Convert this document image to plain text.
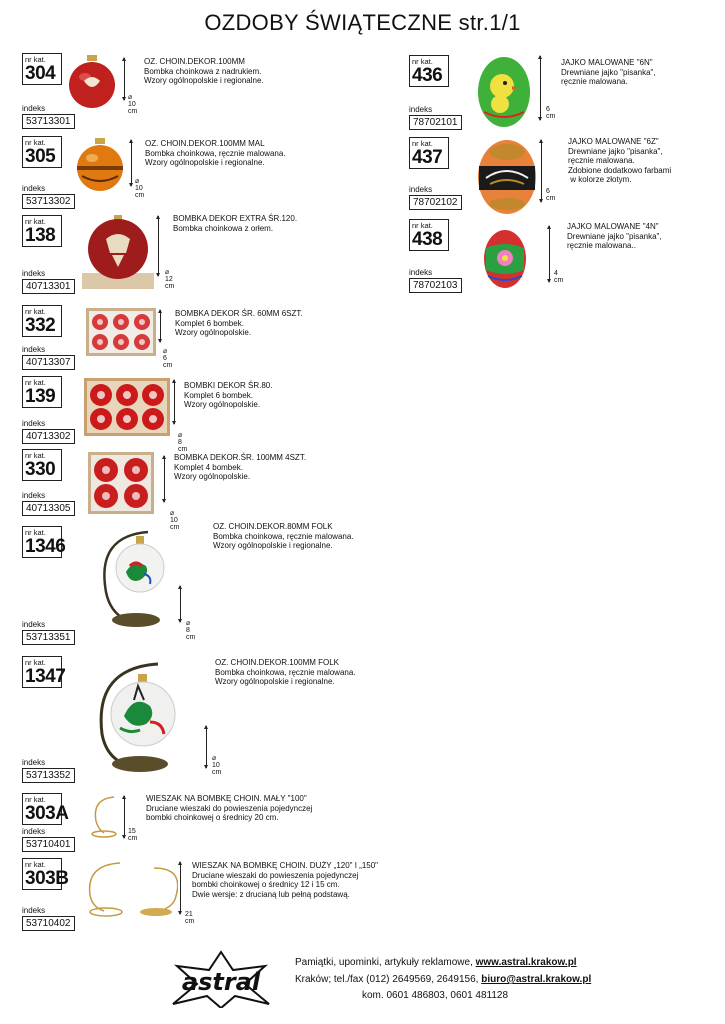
OZDOBY ŚWIĄTECZNE str.1/1
nr kat.
304
⌀ 10 cm
OZ. CHOIN.DEKOR.100MM
Bombka choinkowa z nadrukiem.
Wzory ogólnopolskie i regionalne.
indeks
53713301
nr kat.
305
⌀ 10 cm
OZ. CHOIN.DEKOR.100MM MAL
Bombka choinkowa, ręcznie malowana.
Wzory ogólnopolskie i regionalne.
indeks
53713302
nr kat.
138
⌀ 12 cm
BOMBKA DEKOR EXTRA ŚR.120.
Bombka choinkowa z orłem.
indeks
40713301
nr kat.
332
⌀ 6 cm
BOMBKA DEKOR ŚR. 60MM 6SZT.
Komplet 6 bombek.
Wzory ogólnopolskie.
indeks
40713307
nr kat.
139
⌀ 8 cm
BOMBKI DEKOR ŚR.80.
Komplet 6 bombek.
Wzory ogólnopolskie.
indeks
40713302
nr kat.
330
⌀ 10 cm
BOMBKA DEKOR.ŚR. 100MM 4SZT.
Komplet 4 bombek.
Wzory ogólnopolskie.
indeks
40713305
nr kat.
1346
⌀ 8 cm
OZ. CHOIN.DEKOR.80MM FOLK
Bombka choinkowa, ręcznie malowana.
Wzory ogólnopolskie i regionalne.
indeks
53713351
nr kat.
1347
⌀ 10 cm
OZ. CHOIN.DEKOR.100MM FOLK
Bombka choinkowa, ręcznie malowana.
Wzory ogólnopolskie i regionalne.
indeks
53713352
nr kat.
303A
15 cm
WIESZAK NA BOMBKĘ CHOIN. MAŁY "100"
Druciane wieszaki do powieszenia pojedynczej
bombki choinkowej o średnicy 20 cm.
indeks
53710401
nr kat.
303B
21 cm
WIESZAK NA BOMBKĘ CHOIN. DUŻY „120" I „150"
Druciane wieszaki do powieszenia pojedynczej
bombki choinkowej o średnicy 12 i 15 cm.
Dwie wersje: z drucianą lub pełną podstawą.
indeks
53710402
nr kat.
436
6 cm
JAJKO MALOWANE "6N"
Drewniane jajko "pisanka",
ręcznie malowana.
indeks
78702101
nr kat.
437
6 cm
JAJKO MALOWANE "6Z"
Drewniane jajko "pisanka",
ręcznie malowana.
Zdobione dodatkowo farbami
w kolorze złotym.
indeks
78702102
nr kat.
438
4 cm
JAJKO MALOWANE "4N"
Drewniane jajko "pisanka",
ręcznie malowana..
indeks
78702103
astral
Pamiątki, upominki, artykuły reklamowe, www.astral.krakow.pl
Kraków; tel./fax (012) 2649569, 2649156, biuro@astral.krakow.pl
kom. 0601 486803, 0601 481128
